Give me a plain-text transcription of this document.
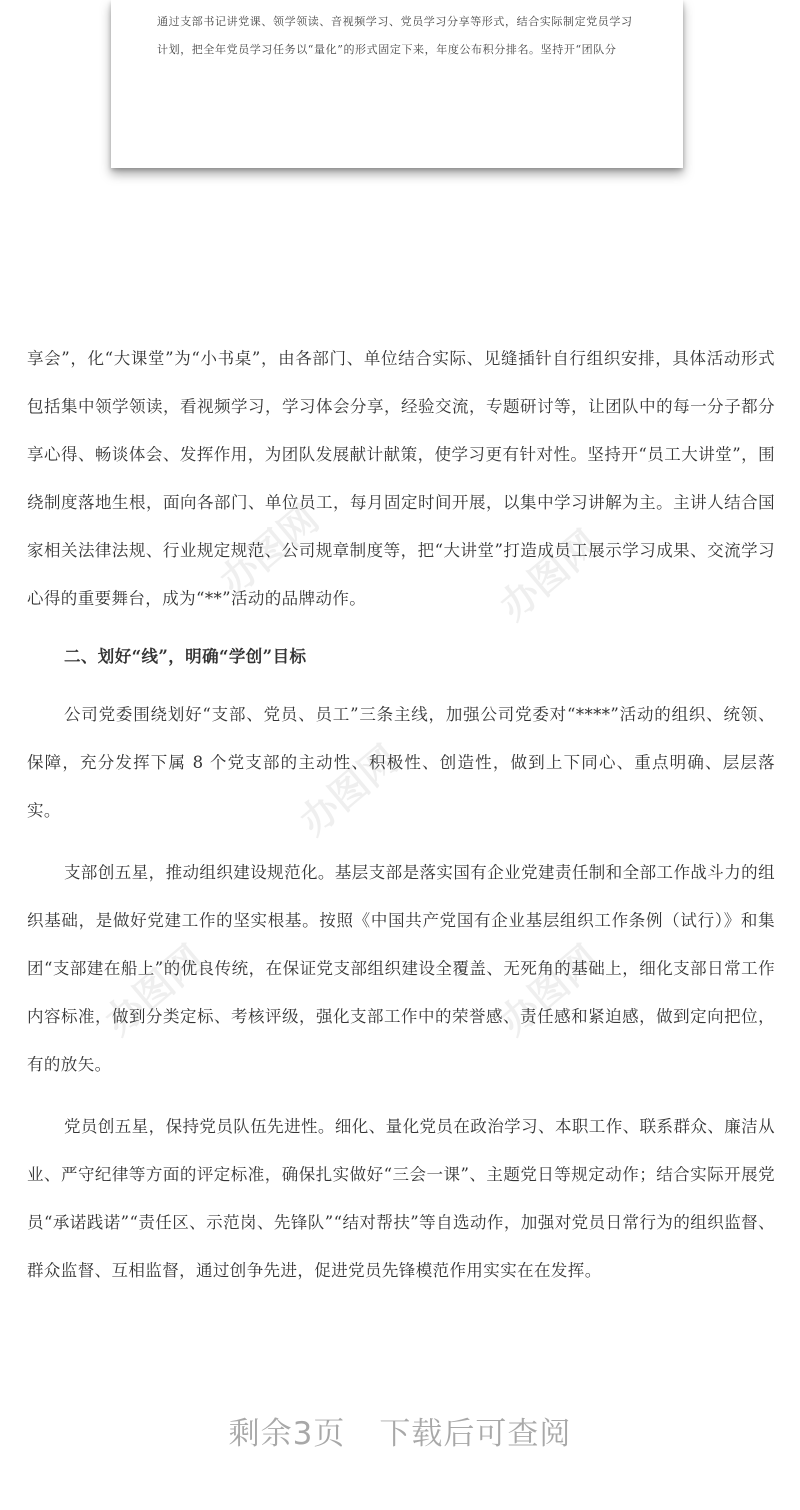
通过支部书记讲党课、领学领读、音视频学习、党员学习分享等形式，结合实际制定党员学习

计划，把全年党员学习任务以“量化”的形式固定下来，年度公布积分排名。坚持开“团队分

办图网	办图网
办图网
办图网	办图网

享会”，化“大课堂”为“小书桌”，由各部门、单位结合实际、见缝插针自行组织安排，具体活动形式包括集中领学领读，看视频学习，学习体会分享，经验交流，专题研讨等，让团队中的每一分子都分享心得、畅谈体会、发挥作用，为团队发展献计献策，使学习更有针对性。坚持开“员工大讲堂”，围绕制度落地生根，面向各部门、单位员工，每月固定时间开展，以集中学习讲解为主。主讲人结合国家相关法律法规、行业规定规范、公司规章制度等，把“大讲堂”打造成员工展示学习成果、交流学习心得的重要舞台，成为“**”活动的品牌动作。

二、划好“线”，明确“学创”目标

公司党委围绕划好“支部、党员、员工”三条主线，加强公司党委对“****”活动的组织、统领、保障，充分发挥下属 8 个党支部的主动性、积极性、创造性，做到上下同心、重点明确、层层落实。

支部创五星，推动组织建设规范化。基层支部是落实国有企业党建责任制和全部工作战斗力的组织基础，是做好党建工作的坚实根基。按照《中国共产党国有企业基层组织工作条例（试行）》和集团“支部建在船上”的优良传统，在保证党支部组织建设全覆盖、无死角的基础上，细化支部日常工作内容标准，做到分类定标、考核评级，强化支部工作中的荣誉感、责任感和紧迫感，做到定向把位，有的放矢。

党员创五星，保持党员队伍先进性。细化、量化党员在政治学习、本职工作、联系群众、廉洁从业、严守纪律等方面的评定标准，确保扎实做好“三会一课”、主题党日等规定动作；结合实际开展党员“承诺践诺”“责任区、示范岗、先锋队”“结对帮扶”等自选动作，加强对党员日常行为的组织监督、群众监督、互相监督，通过创争先进，促进党员先锋模范作用实实在在发挥。

剩余3页 下载后可查阅
